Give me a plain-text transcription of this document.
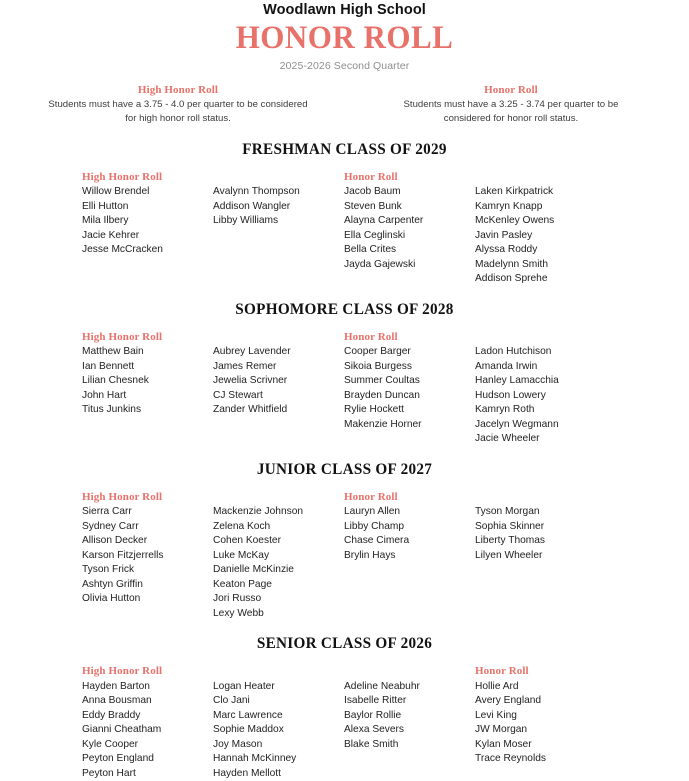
Woodlawn High School
HONOR ROLL
2025-2026 Second Quarter
High Honor Roll
Students must have a 3.75 - 4.0 per quarter to be considered for high honor roll status.
Honor Roll
Students must have a 3.25 - 3.74 per quarter to be considered for honor roll status.
FRESHMAN CLASS OF 2029
High Honor Roll
Willow Brendel
Elli Hutton
Mila Ilbery
Jacie Kehrer
Jesse McCracken
Avalynn Thompson
Addison Wangler
Libby Williams
Honor Roll
Jacob Baum
Steven Bunk
Alayna Carpenter
Ella Ceglinski
Bella Crites
Jayda Gajewski
Laken Kirkpatrick
Kamryn Knapp
McKenley Owens
Javin Pasley
Alyssa Roddy
Madelynn Smith
Addison Sprehe
SOPHOMORE CLASS OF 2028
High Honor Roll
Matthew Bain
Ian Bennett
Lilian Chesnek
John Hart
Titus Junkins
Aubrey Lavender
James Remer
Jewelia Scrivner
CJ Stewart
Zander Whitfield
Honor Roll
Cooper Barger
Sikoia Burgess
Summer Coultas
Brayden Duncan
Rylie Hockett
Makenzie Horner
Ladon Hutchison
Amanda Irwin
Hanley Lamacchia
Hudson Lowery
Kamryn Roth
Jacelyn Wegmann
Jacie Wheeler
JUNIOR CLASS OF 2027
High Honor Roll
Sierra Carr
Sydney Carr
Allison Decker
Karson Fitzjerrells
Tyson Frick
Ashtyn Griffin
Olivia Hutton
Mackenzie Johnson
Zelena Koch
Cohen Koester
Luke McKay
Danielle McKinzie
Keaton Page
Jori Russo
Lexy Webb
Honor Roll
Lauryn Allen
Libby Champ
Chase Cimera
Brylin Hays
Tyson Morgan
Sophia Skinner
Liberty Thomas
Lilyen Wheeler
SENIOR CLASS OF 2026
High Honor Roll
Hayden Barton
Anna Bousman
Eddy Braddy
Gianni Cheatham
Kyle Cooper
Peyton England
Peyton Hart
Logan Heater
Clo Jani
Marc Lawrence
Sophie Maddox
Joy Mason
Hannah McKinney
Hayden Mellott
Adeline Neabuhr
Isabelle Ritter
Baylor Rollie
Alexa Severs
Blake Smith
Honor Roll
Hollie Ard
Avery England
Levi King
JW Morgan
Kylan Moser
Trace Reynolds
